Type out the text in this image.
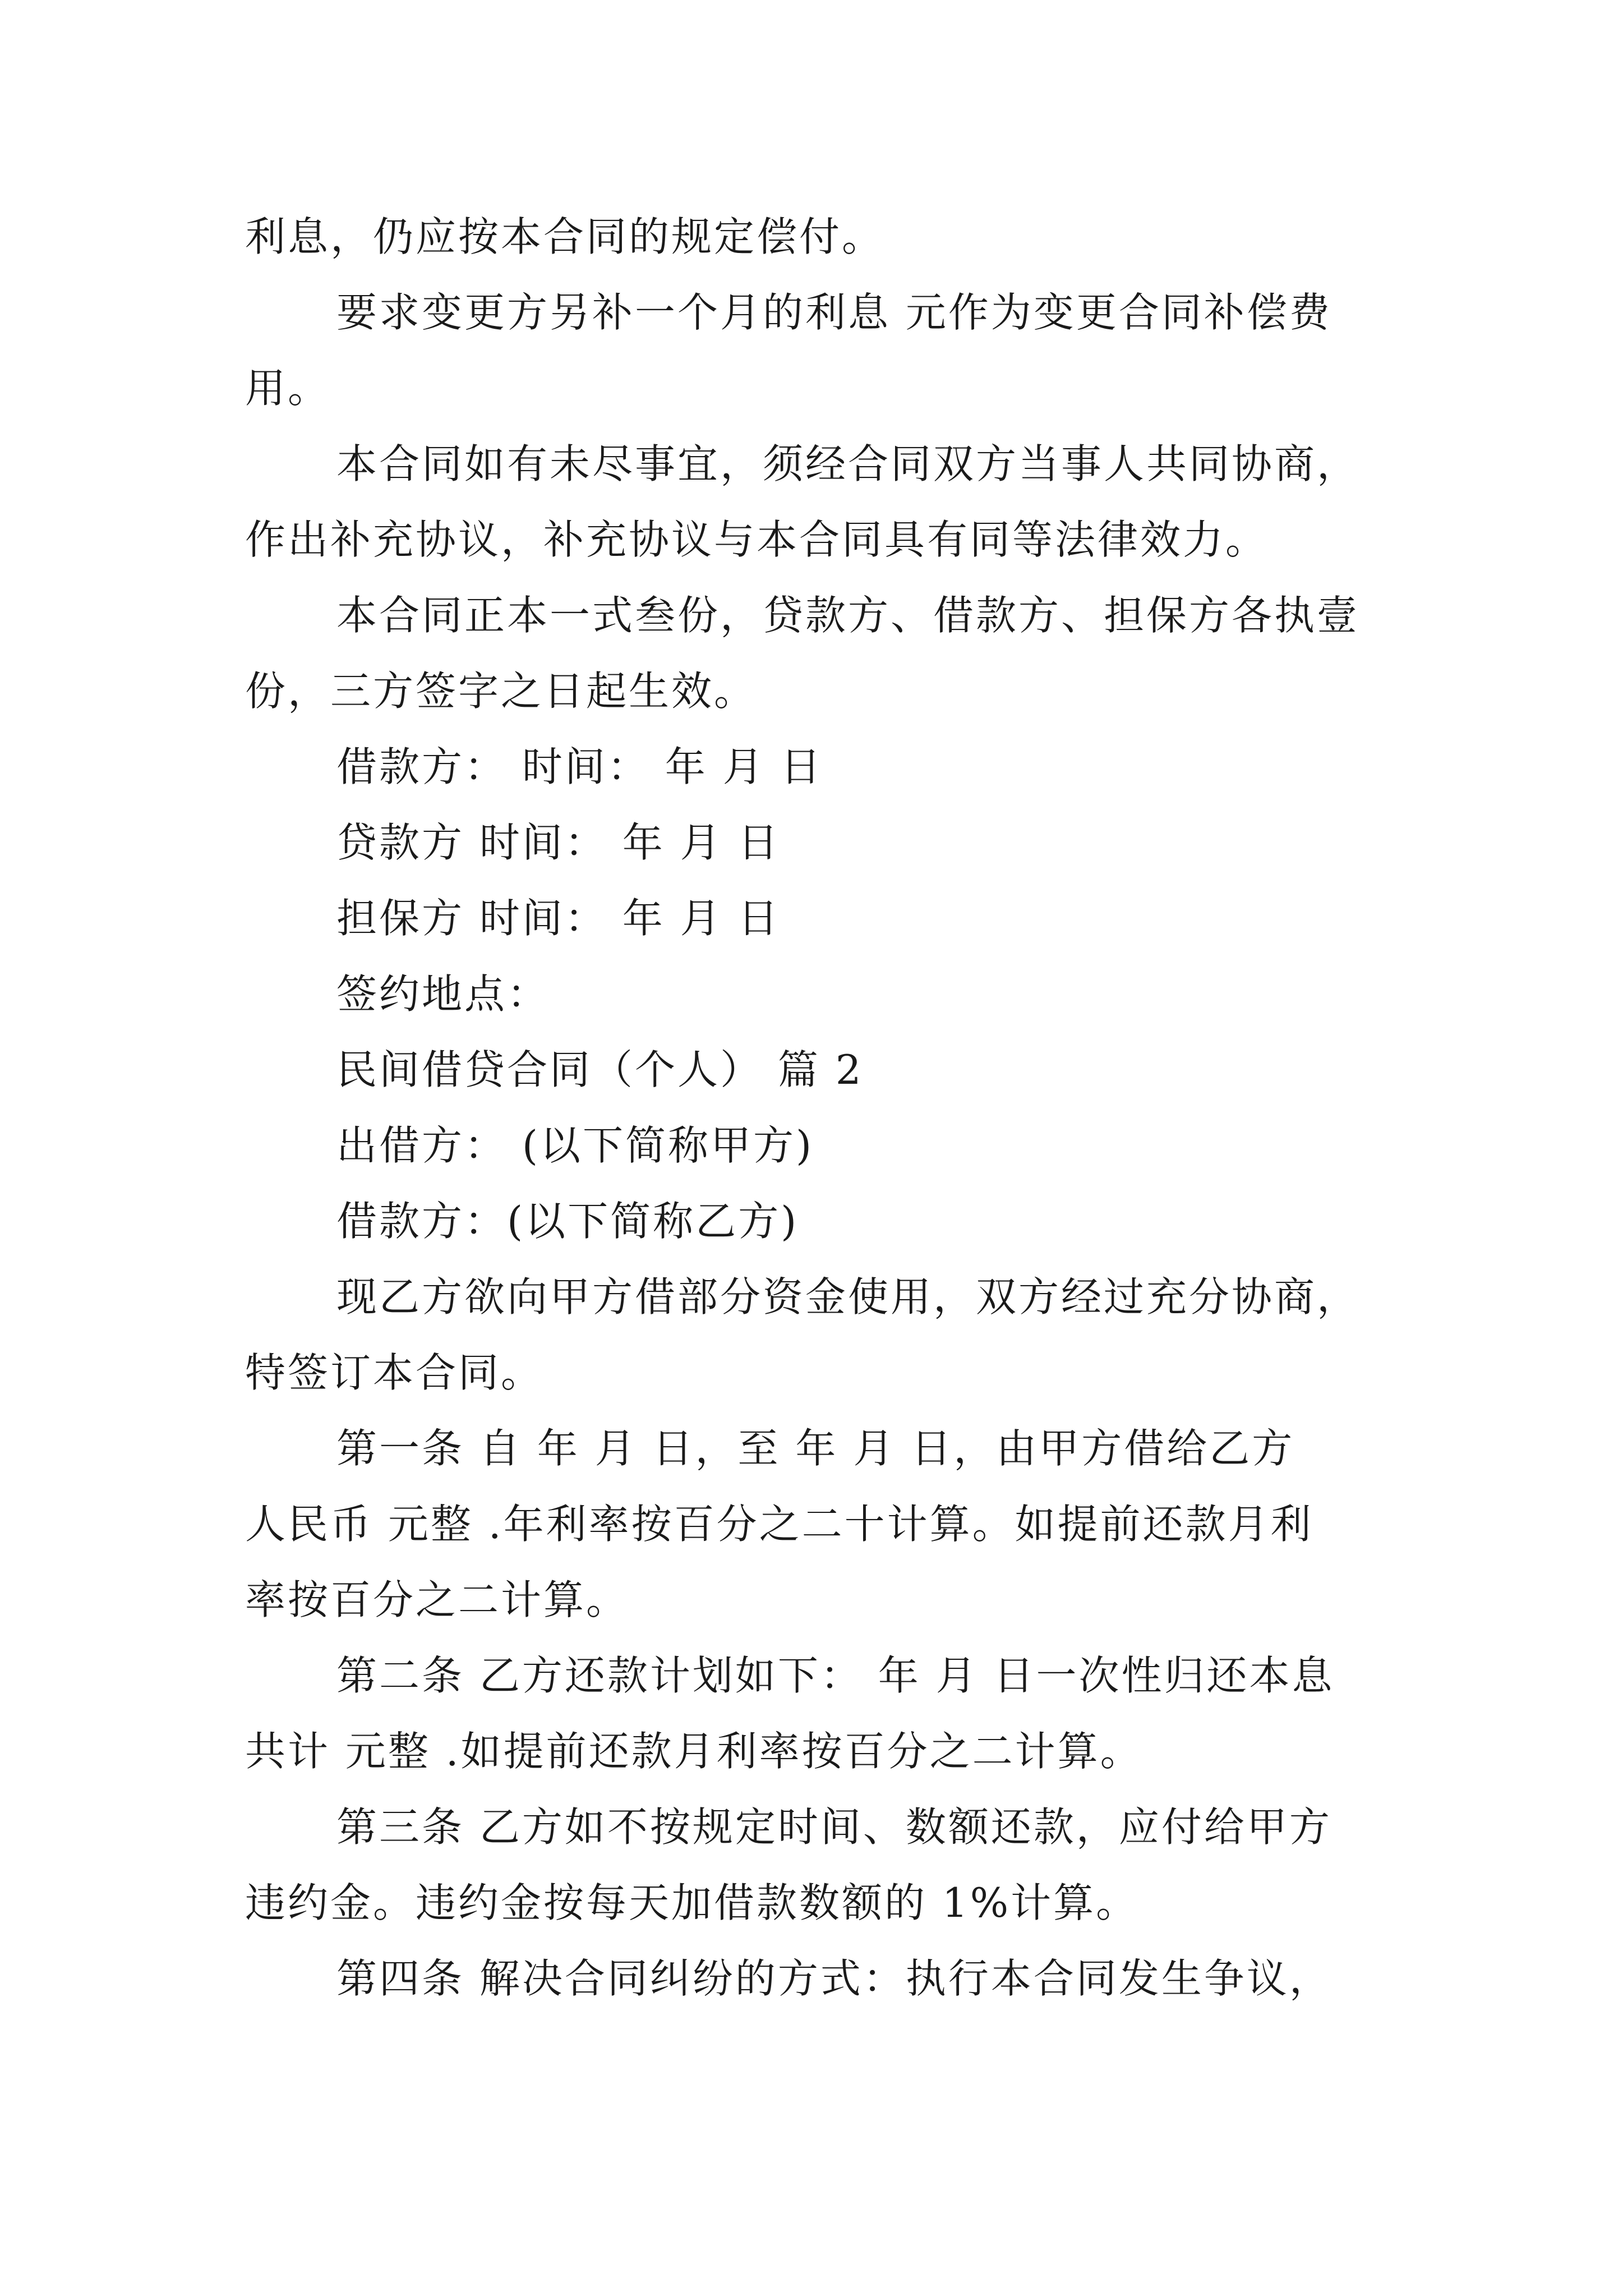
利息，仍应按本合同的规定偿付。
要求变更方另补一个月的利息 元作为变更合同补偿费
用。
本合同如有未尽事宜，须经合同双方当事人共同协商，
作出补充协议，补充协议与本合同具有同等法律效力。
本合同正本一式叁份，贷款方、借款方、担保方各执壹
份，三方签字之日起生效。
借款方： 时间： 年 月 日
贷款方 时间： 年 月 日
担保方 时间： 年 月 日
签约地点：
民间借贷合同（个人） 篇 2
出借方： (以下简称甲方)
借款方：(以下简称乙方)
现乙方欲向甲方借部分资金使用，双方经过充分协商，
特签订本合同。
第一条 自 年 月 日，至 年 月 日，由甲方借给乙方
人民币 元整 .年利率按百分之二十计算。如提前还款月利
率按百分之二计算。
第二条 乙方还款计划如下： 年 月 日一次性归还本息
共计 元整 .如提前还款月利率按百分之二计算。
第三条 乙方如不按规定时间、数额还款，应付给甲方
违约金。违约金按每天加借款数额的 1%计算。
第四条 解决合同纠纷的方式：执行本合同发生争议，
